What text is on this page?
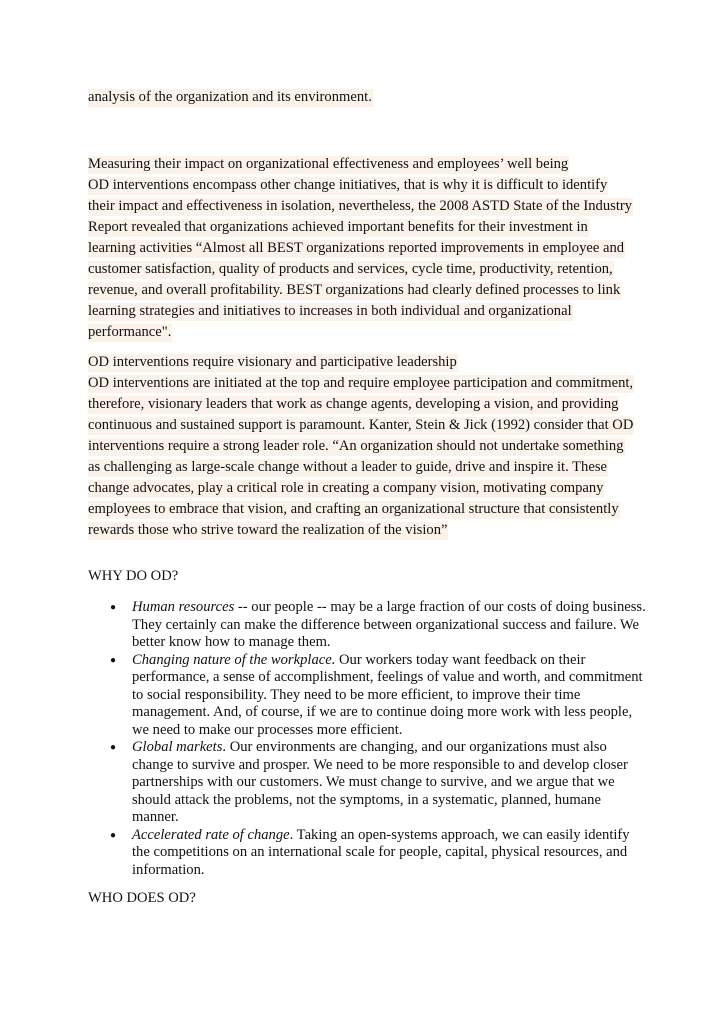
analysis of the organization and its environment.
Measuring their impact on organizational effectiveness and employees’ well being
OD interventions encompass other change initiatives, that is why it is difficult to identify
their impact and effectiveness in isolation, nevertheless, the 2008 ASTD State of the Industry
Report revealed that organizations achieved important benefits for their investment in
learning activities “Almost all BEST organizations reported improvements in employee and
customer satisfaction, quality of products and services, cycle time, productivity, retention,
revenue, and overall profitability. BEST organizations had clearly defined processes to link
learning strategies and initiatives to increases in both individual and organizational
performance".
OD interventions require visionary and participative leadership
OD interventions are initiated at the top and require employee participation and commitment,
therefore, visionary leaders that work as change agents, developing a vision, and providing
continuous and sustained support is paramount. Kanter, Stein & Jick (1992) consider that OD
interventions require a strong leader role. “An organization should not undertake something
as challenging as large-scale change without a leader to guide, drive and inspire it. These
change advocates, play a critical role in creating a company vision, motivating company
employees to embrace that vision, and crafting an organizational structure that consistently
rewards those who strive toward the realization of the vision”
WHY DO OD?
● Human resources -- our people -- may be a large fraction of our costs of doing business. They certainly can make the difference between organizational success and failure. We better know how to manage them.
● Changing nature of the workplace. Our workers today want feedback on their performance, a sense of accomplishment, feelings of value and worth, and commitment to social responsibility. They need to be more efficient, to improve their time management. And, of course, if we are to continue doing more work with less people, we need to make our processes more efficient.
● Global markets. Our environments are changing, and our organizations must also change to survive and prosper. We need to be more responsible to and develop closer partnerships with our customers. We must change to survive, and we argue that we should attack the problems, not the symptoms, in a systematic, planned, humane manner.
● Accelerated rate of change. Taking an open-systems approach, we can easily identify the competitions on an international scale for people, capital, physical resources, and information.
WHO DOES OD?
